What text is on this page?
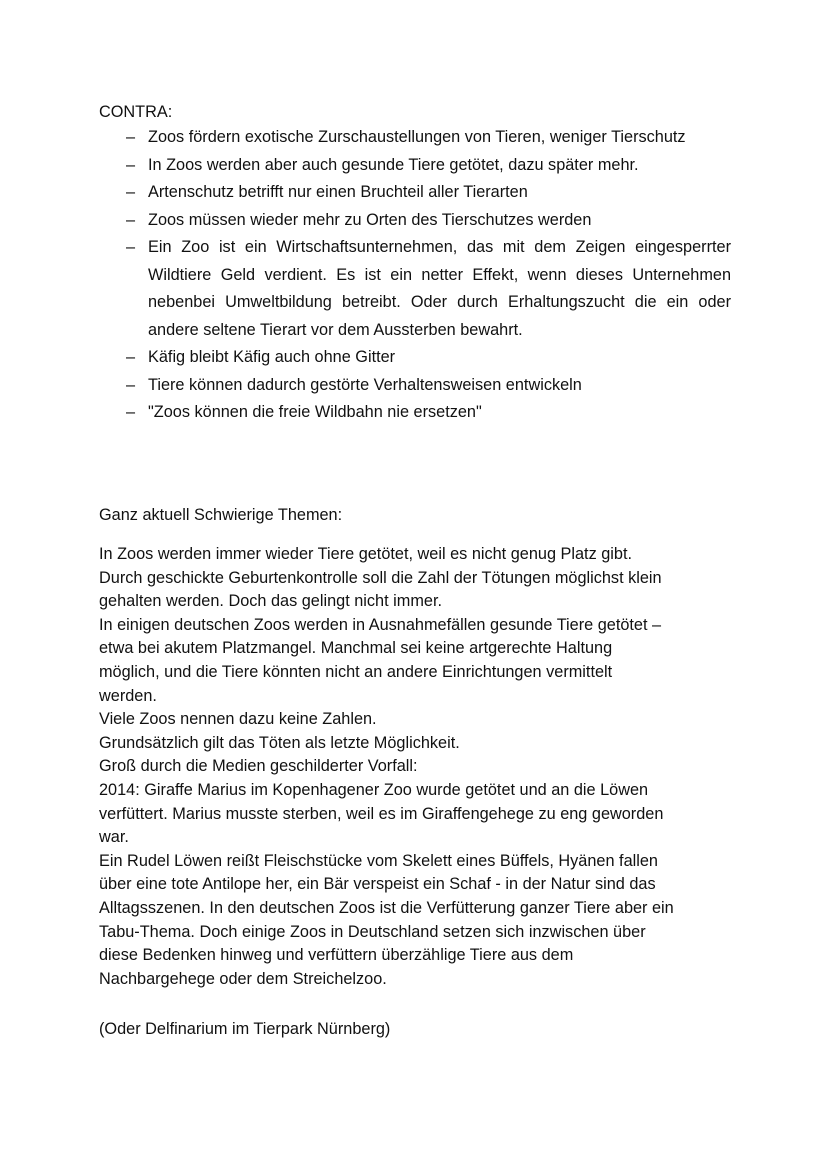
CONTRA:
– Zoos fördern exotische Zurschaustellungen von Tieren, weniger Tierschutz
– In Zoos werden aber auch gesunde Tiere getötet, dazu später mehr.
– Artenschutz betrifft nur einen Bruchteil aller Tierarten
– Zoos müssen wieder mehr zu Orten des Tierschutzes werden
– Ein Zoo ist ein Wirtschaftsunternehmen, das mit dem Zeigen eingesperrter Wildtiere Geld verdient. Es ist ein netter Effekt, wenn dieses Unternehmen nebenbei Umweltbildung betreibt. Oder durch Erhaltungszucht die ein oder andere seltene Tierart vor dem Aussterben bewahrt.
– Käfig bleibt Käfig auch ohne Gitter
– Tiere können dadurch gestörte Verhaltensweisen entwickeln
– "Zoos können die freie Wildbahn nie ersetzen"
Ganz aktuell Schwierige Themen:
In Zoos werden immer wieder Tiere getötet, weil es nicht genug Platz gibt.
Durch geschickte Geburtenkontrolle soll die Zahl der Tötungen möglichst klein
gehalten werden. Doch das gelingt nicht immer.
In einigen deutschen Zoos werden in Ausnahmefällen gesunde Tiere getötet –
etwa bei akutem Platzmangel. Manchmal sei keine artgerechte Haltung
möglich, und die Tiere könnten nicht an andere Einrichtungen vermittelt
werden.
Viele Zoos nennen dazu keine Zahlen.
Grundsätzlich gilt das Töten als letzte Möglichkeit.
Groß durch die Medien geschilderter Vorfall:
2014: Giraffe Marius im Kopenhagener Zoo wurde getötet und an die Löwen
verfüttert. Marius musste sterben, weil es im Giraffengehege zu eng geworden
war.
Ein Rudel Löwen reißt Fleischstücke vom Skelett eines Büffels, Hyänen fallen
über eine tote Antilope her, ein Bär verspeist ein Schaf - in der Natur sind das
Alltagsszenen. In den deutschen Zoos ist die Verfütterung ganzer Tiere aber ein
Tabu-Thema. Doch einige Zoos in Deutschland setzen sich inzwischen über
diese Bedenken hinweg und verfüttern überzählige Tiere aus dem
Nachbargehege oder dem Streichelzoo.
(Oder Delfinarium im Tierpark Nürnberg)
